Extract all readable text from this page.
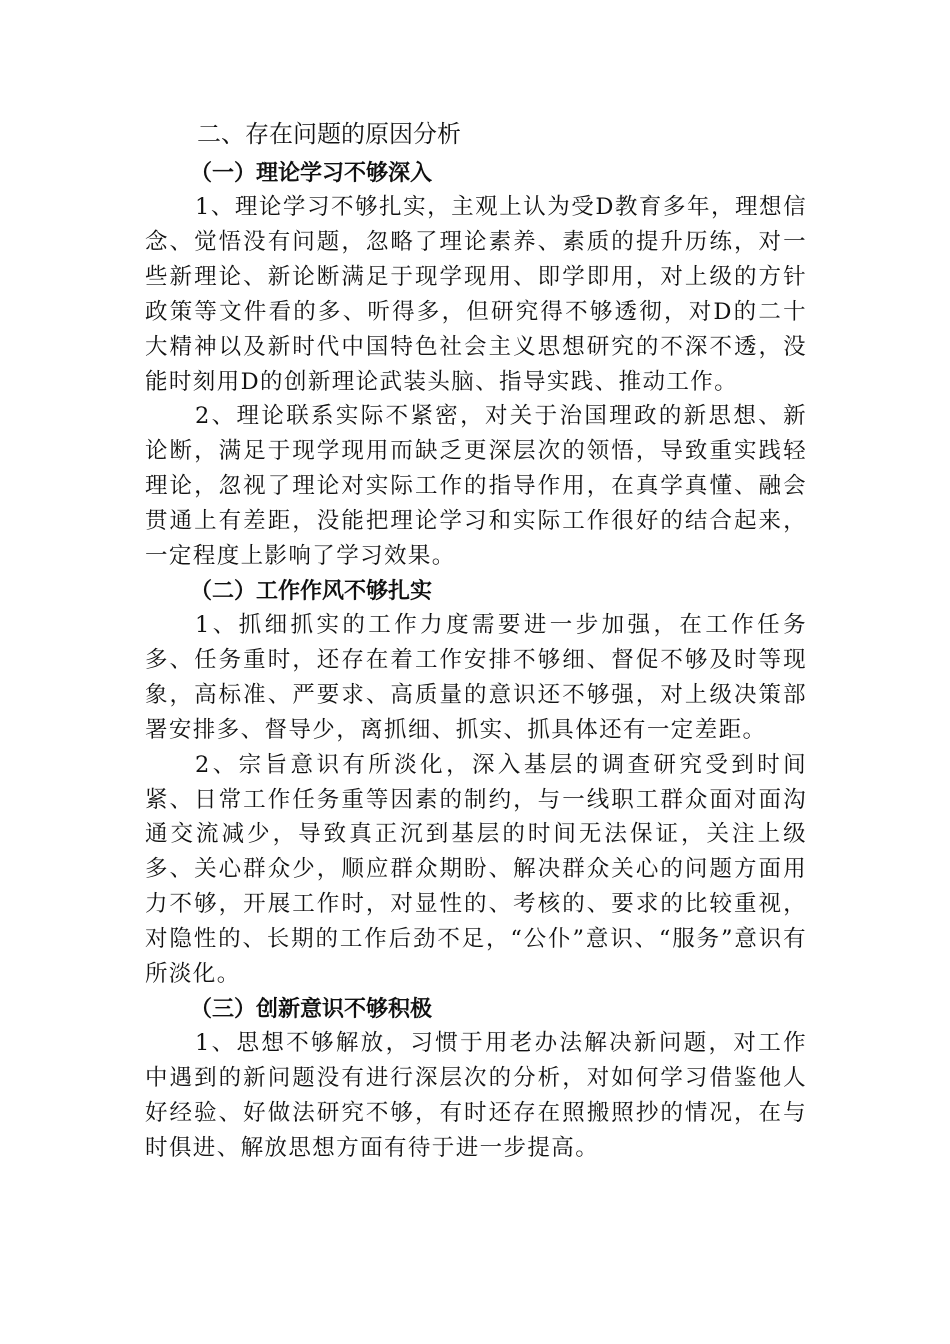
二、存在问题的原因分析
（一）理论学习不够深入

1、理论学习不够扎实，主观上认为受D教育多年，理想信念、觉悟没有问题，忽略了理论素养、素质的提升历练，对一些新理论、新论断满足于现学现用、即学即用，对上级的方针政策等文件看的多、听得多，但研究得不够透彻，对D的二十大精神以及新时代中国特色社会主义思想研究的不深不透，没能时刻用D的创新理论武装头脑、指导实践、推动工作。

2、理论联系实际不紧密，对关于治国理政的新思想、新论断，满足于现学现用而缺乏更深层次的领悟，导致重实践轻理论，忽视了理论对实际工作的指导作用，在真学真懂、融会贯通上有差距，没能把理论学习和实际工作很好的结合起来，一定程度上影响了学习效果。

（二）工作作风不够扎实

1、抓细抓实的工作力度需要进一步加强，在工作任务多、任务重时，还存在着工作安排不够细、督促不够及时等现象，高标准、严要求、高质量的意识还不够强，对上级决策部署安排多、督导少，离抓细、抓实、抓具体还有一定差距。

2、宗旨意识有所淡化，深入基层的调查研究受到时间紧、日常工作任务重等因素的制约，与一线职工群众面对面沟通交流减少，导致真正沉到基层的时间无法保证，关注上级多、关心群众少，顺应群众期盼、解决群众关心的问题方面用力不够，开展工作时，对显性的、考核的、要求的比较重视，对隐性的、长期的工作后劲不足，“公仆”意识、“服务”意识有所淡化。

（三）创新意识不够积极

1、思想不够解放，习惯于用老办法解决新问题，对工作中遇到的新问题没有进行深层次的分析，对如何学习借鉴他人好经验、好做法研究不够，有时还存在照搬照抄的情况，在与时俱进、解放思想方面有待于进一步提高。
